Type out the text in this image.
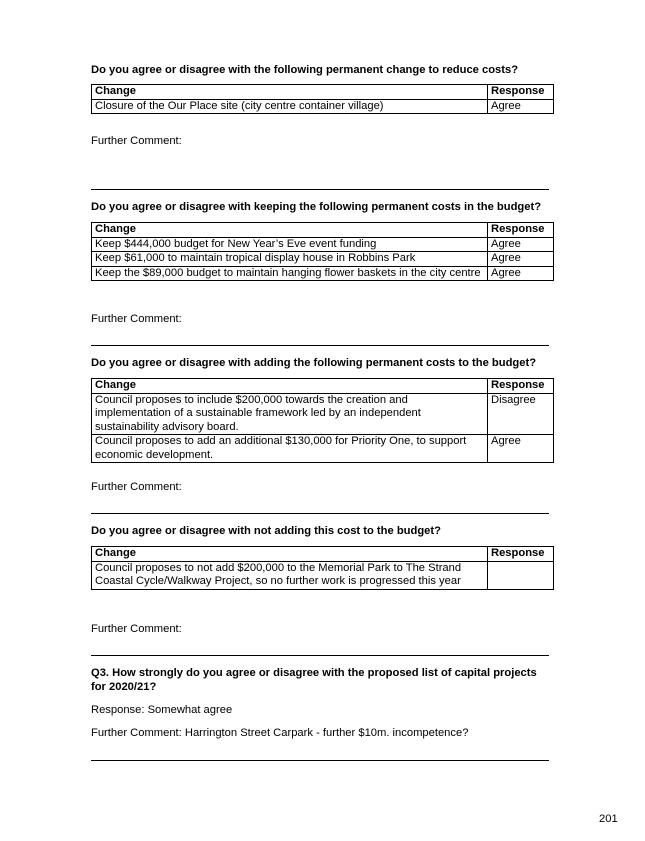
Do you agree or disagree with the following permanent change to reduce costs?
Change	Response
Closure of the Our Place site (city centre container village)	Agree
Further Comment:
Do you agree or disagree with keeping the following permanent costs in the budget?
Change	Response
Keep $444,000 budget for New Year’s Eve event funding	Agree
Keep $61,000 to maintain tropical display house in Robbins Park	Agree
Keep the $89,000 budget to maintain hanging flower baskets in the city centre	Agree
Further Comment:
Do you agree or disagree with adding the following permanent costs to the budget?
Change	Response
Council proposes to include $200,000 towards the creation and implementation of a sustainable framework led by an independent sustainability advisory board.	Disagree
Council proposes to add an additional $130,000 for Priority One, to support economic development.	Agree
Further Comment:
Do you agree or disagree with not adding this cost to the budget?
Change	Response
Council proposes to not add $200,000 to the Memorial Park to The Strand Coastal Cycle/Walkway Project, so no further work is progressed this year	
Further Comment:
Q3. How strongly do you agree or disagree with the proposed list of capital projects for 2020/21?
Response: Somewhat agree
Further Comment: Harrington Street Carpark - further $10m. incompetence?
201
